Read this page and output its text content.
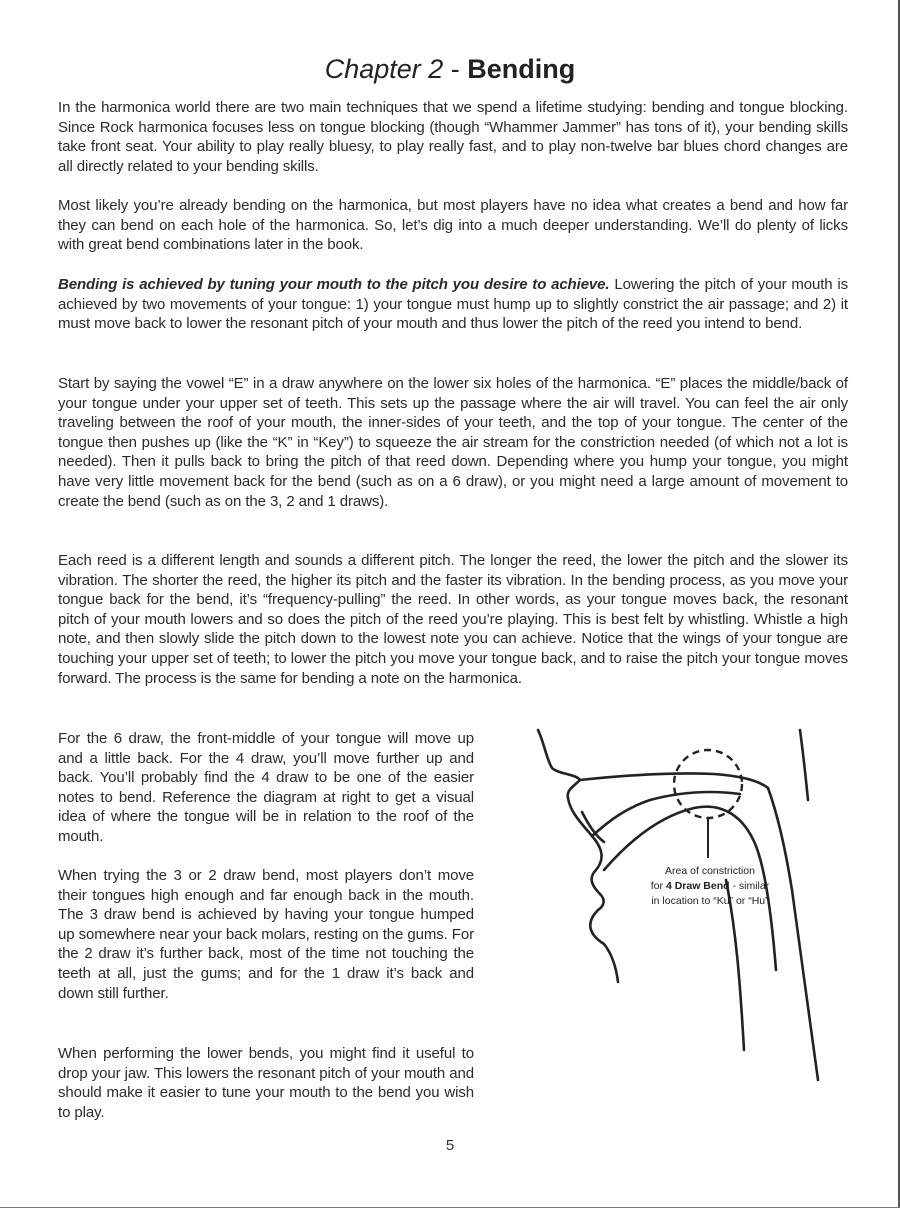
Chapter 2 - Bending

In the harmonica world there are two main techniques that we spend a lifetime studying: bending and tongue blocking. Since Rock harmonica focuses less on tongue blocking (though “Whammer Jammer” has tons of it), your bending skills take front seat. Your ability to play really bluesy, to play really fast, and to play non-twelve bar blues chord changes are all directly related to your bending skills.

Most likely you’re already bending on the harmonica, but most players have no idea what creates a bend and how far they can bend on each hole of the harmonica. So, let’s dig into a much deeper understanding. We’ll do plenty of licks with great bend combinations later in the book.

Bending is achieved by tuning your mouth to the pitch you desire to achieve. Lowering the pitch of your mouth is achieved by two movements of your tongue: 1) your tongue must hump up to slightly constrict the air passage; and 2) it must move back to lower the resonant pitch of your mouth and thus lower the pitch of the reed you intend to bend.

Start by saying the vowel “E” in a draw anywhere on the lower six holes of the harmonica. “E” places the middle/back of your tongue under your upper set of teeth. This sets up the passage where the air will travel. You can feel the air only traveling between the roof of your mouth, the inner-sides of your teeth, and the top of your tongue. The center of the tongue then pushes up (like the “K” in “Key”) to squeeze the air stream for the constriction needed (of which not a lot is needed). Then it pulls back to bring the pitch of that reed down. Depending where you hump your tongue, you might have very little movement back for the bend (such as on a 6 draw), or you might need a large amount of movement to create the bend (such as on the 3, 2 and 1 draws).

Each reed is a different length and sounds a different pitch. The longer the reed, the lower the pitch and the slower its vibration. The shorter the reed, the higher its pitch and the faster its vibration. In the bending process, as you move your tongue back for the bend, it’s “frequency-pulling” the reed. In other words, as your tongue moves back, the resonant pitch of your mouth lowers and so does the pitch of the reed you’re playing. This is best felt by whistling. Whistle a high note, and then slowly slide the pitch down to the lowest note you can achieve. Notice that the wings of your tongue are touching your upper set of teeth; to lower the pitch you move your tongue back, and to raise the pitch your tongue moves forward. The process is the same for bending a note on the harmonica.

For the 6 draw, the front-middle of your tongue will move up and a little back. For the 4 draw, you’ll move further up and back. You’ll probably find the 4 draw to be one of the easier notes to bend. Reference the diagram at right to get a visual idea of where the tongue will be in relation to the roof of the mouth.

When trying the 3 or 2 draw bend, most players don’t move their tongues high enough and far enough back in the mouth. The 3 draw bend is achieved by having your tongue humped up somewhere near your back molars, resting on the gums. For the 2 draw it’s further back, most of the time not touching the teeth at all, just the gums; and for the 1 draw it’s back and down still further.

When performing the lower bends, you might find it useful to drop your jaw. This lowers the resonant pitch of your mouth and should make it easier to tune your mouth to the bend you wish to play.

Area of constriction
for 4 Draw Bend - similar
in location to “Ku” or “Hu”
5
